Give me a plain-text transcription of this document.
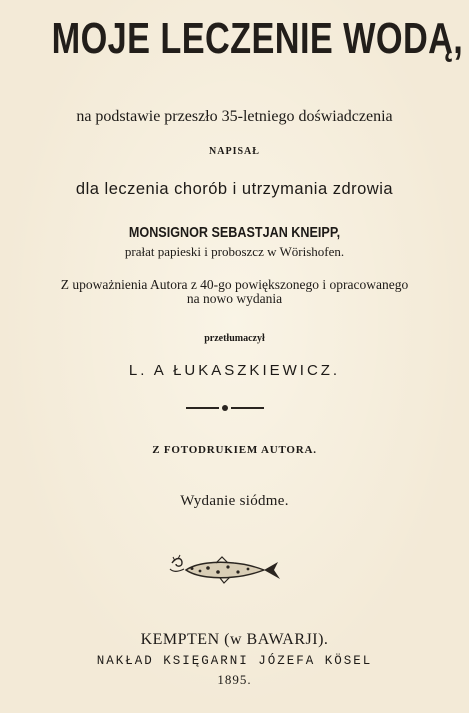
MOJE LECZENIE WODĄ,
na podstawie przeszło 35-letniego doświadczenia
NAPISAŁ
dla leczenia chorób i utrzymania zdrowia
MONSIGNOR SEBASTJAN KNEIPP,
prałat papieski i proboszcz w Wörishofen.
Z upoważnienia Autora z 40-go powiększonego i opracowanego
na nowo wydania
przetłumaczył
L. A ŁUKASZKIEWICZ.
Z FOTODRUKIEM AUTORA.
Wydanie siódme.
KEMPTEN (w BAWARJI).
NAKŁAD KSIĘGARNI JÓZEFA KÖSEL
1895.
